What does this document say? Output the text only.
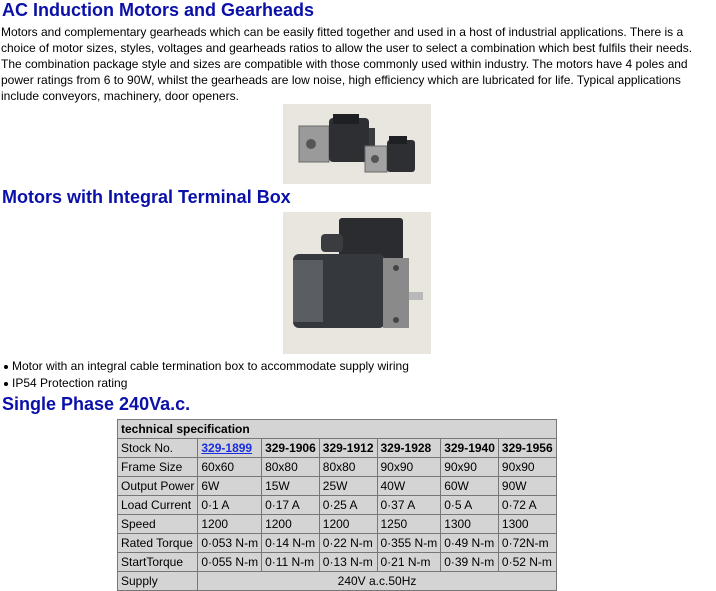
AC Induction Motors and Gearheads

Motors and complementary gearheads which can be easily fitted together and used in a host of industrial applications. There is a choice of motor sizes, styles, voltages and gearheads ratios to allow the user to select a combination which best fulfils their needs. The combination package style and sizes are compatible with those commonly used within industry. The motors have 4 poles and power ratings from 6 to 90W, whilst the gearheads are low noise, high efficiency which are lubricated for life. Typical applications include conveyors, machinery, door openers.

Motors with Integral Terminal Box
Motor with an integral cable termination box to accommodate supply wiring
IP54 Protection rating
Single Phase 240Va.c.
technical specification						
Stock No.	329-1899	329-1906	329-1912	329-1928	329-1940	329-1956
Frame Size	60x60	80x80	80x80	90x90	90x90	90x90
Output Power	6W	15W	25W	40W	60W	90W
Load Current	0·1 A	0·17 A	0·25 A	0·37 A	0·5 A	0·72 A
Speed	1200	1200	1200	1250	1300	1300
Rated Torque	0·053 N-m	0·14 N-m	0·22 N-m	0·355 N-m	0·49 N-m	0·72N-m
StartTorque	0·055 N-m	0·11 N-m	0·13 N-m	0·21 N-m	0·39 N-m	0·52 N-m
Supply	240V a.c.50Hz					
